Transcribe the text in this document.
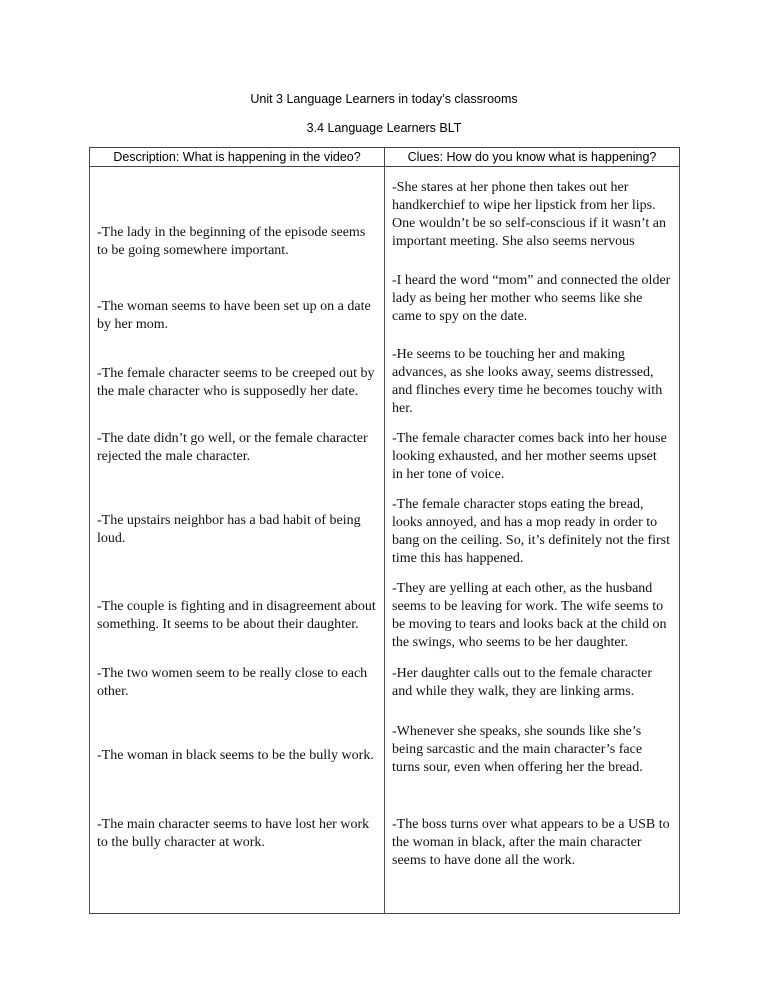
Unit 3 Language Learners in today’s classrooms
3.4 Language Learners BLT
Description: What is happening in the video?	Clues: How do you know what is happening?

-The lady in the beginning of the episode seems to be going somewhere important.	-She stares at her phone then takes out her handkerchief to wipe her lipstick from her lips. One wouldn’t be so self-conscious if it wasn’t an important meeting. She also seems nervous

-The woman seems to have been set up on a date by her mom.	-I heard the word “mom” and connected the older lady as being her mother who seems like she came to spy on the date.

-The female character seems to be creeped out by the male character who is supposedly her date.	-He seems to be touching her and making advances, as she looks away, seems distressed, and flinches every time he becomes touchy with her.

-The date didn’t go well, or the female character rejected the male character.	-The female character comes back into her house looking exhausted, and her mother seems upset in her tone of voice.

-The upstairs neighbor has a bad habit of being loud.	-The female character stops eating the bread, looks annoyed, and has a mop ready in order to bang on the ceiling. So, it’s definitely not the first time this has happened.

-The couple is fighting and in disagreement about something. It seems to be about their daughter.	-They are yelling at each other, as the husband seems to be leaving for work. The wife seems to be moving to tears and looks back at the child on the swings, who seems to be her daughter.

-The two women seem to be really close to each other.	-Her daughter calls out to the female character and while they walk, they are linking arms.

-The woman in black seems to be the bully work.	-Whenever she speaks, she sounds like she’s being sarcastic and the main character’s face turns sour, even when offering her the bread.

-The main character seems to have lost her work to the bully character at work.	-The boss turns over what appears to be a USB to the woman in black, after the main character seems to have done all the work.
